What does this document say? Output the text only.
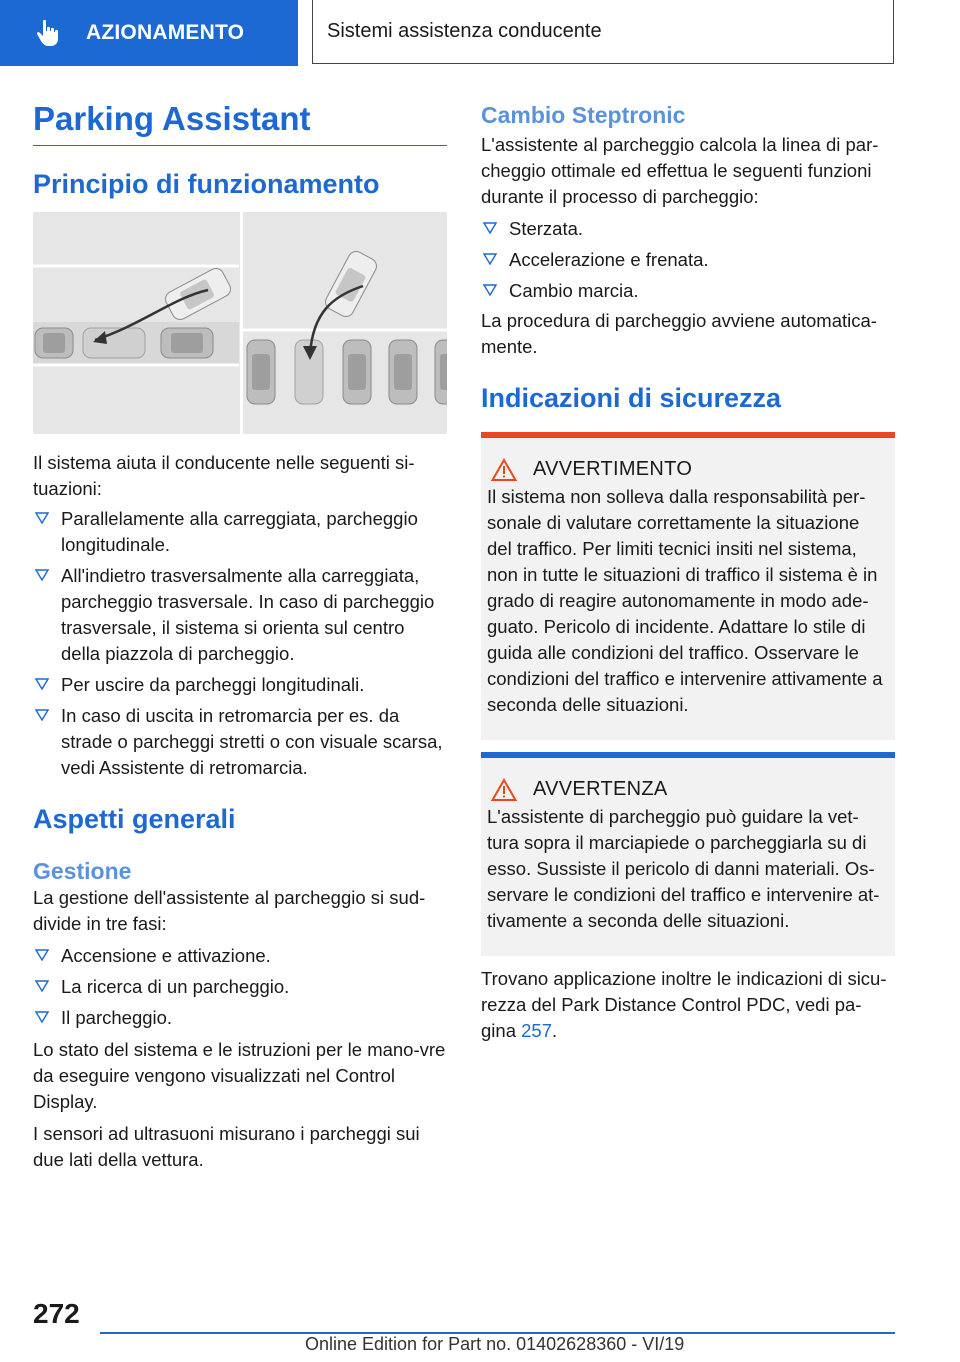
AZIONAMENTO	Sistemi assistenza conducente
Parking Assistant
Principio di funzionamento

Il sistema aiuta il conducente nelle seguenti si-tuazioni:

Parallelamente alla carreggiata, parcheggio longitudinale.
All'indietro trasversalmente alla carreggiata, parcheggio trasversale. In caso di parcheggio trasversale, il sistema si orienta sul centro della piazzola di parcheggio.
Per uscire da parcheggi longitudinali.
In caso di uscita in retromarcia per es. da strade o parcheggi stretti o con visuale scarsa, vedi Assistente di retromarcia.
Aspetti generali
Gestione

La gestione dell'assistente al parcheggio si sud-divide in tre fasi:

Accensione e attivazione.
La ricerca di un parcheggio.
Il parcheggio.

Lo stato del sistema e le istruzioni per le mano-vre da eseguire vengono visualizzati nel Control Display.

I sensori ad ultrasuoni misurano i parcheggi sui due lati della vettura.

Cambio Steptronic

L'assistente al parcheggio calcola la linea di par-cheggio ottimale ed effettua le seguenti funzioni durante il processo di parcheggio:

Sterzata.
Accelerazione e frenata.
Cambio marcia.

La procedura di parcheggio avviene automatica-mente.

Indicazioni di sicurezza
AVVERTIMENTO

Il sistema non solleva dalla responsabilità per-sonale di valutare correttamente la situazione del traffico. Per limiti tecnici insiti nel sistema, non in tutte le situazioni di traffico il sistema è in grado di reagire autonomamente in modo ade-guato. Pericolo di incidente. Adattare lo stile di guida alle condizioni del traffico. Osservare le condizioni del traffico e intervenire attivamente a seconda delle situazioni.

AVVERTENZA

L'assistente di parcheggio può guidare la vet-tura sopra il marciapiede o parcheggiarla su di esso. Sussiste il pericolo di danni materiali. Os-servare le condizioni del traffico e intervenire at-tivamente a seconda delle situazioni.

Trovano applicazione inoltre le indicazioni di sicu-rezza del Park Distance Control PDC, vedi pa-gina 257.

272
Online Edition for Part no. 01402628360 - VI/19
